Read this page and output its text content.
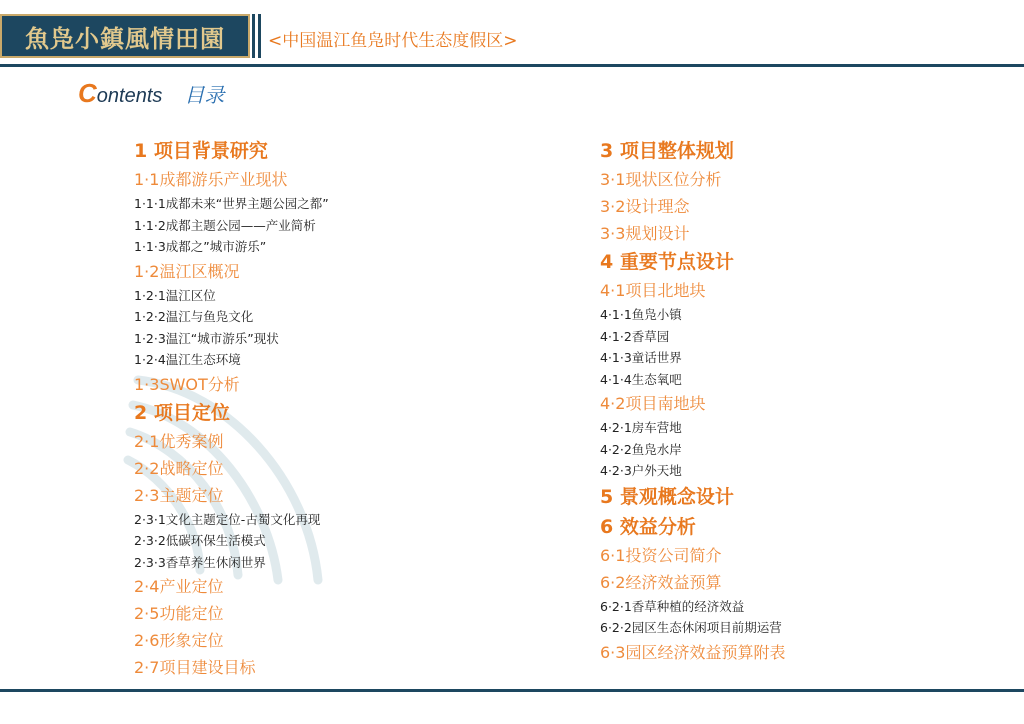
魚凫小鎮風情田園	<中国温江鱼凫时代生态度假区>
Contents 目录
1 项目背景研究
1·1成都游乐产业现状
1·1·1成都未来“世界主题公园之都”
1·1·2成都主题公园——产业简析
1·1·3成都之”城市游乐”
1·2温江区概况
1·2·1温江区位
1·2·2温江与鱼凫文化
1·2·3温江“城市游乐”现状
1·2·4温江生态环境
1·3SWOT分析
2 项目定位
2·1优秀案例
2·2战略定位
2·3主题定位
2·3·1文化主题定位-古蜀文化再现
2·3·2低碳环保生活模式
2·3·3香草养生休闲世界
2·4产业定位
2·5功能定位
2·6形象定位
2·7项目建设目标
3 项目整体规划
3·1现状区位分析
3·2设计理念
3·3规划设计
4 重要节点设计
4·1项目北地块
4·1·1鱼凫小镇
4·1·2香草园
4·1·3童话世界
4·1·4生态氧吧
4·2项目南地块
4·2·1房车营地
4·2·2鱼凫水岸
4·2·3户外天地
5 景观概念设计
6 效益分析
6·1投资公司简介
6·2经济效益预算
6·2·1香草种植的经济效益
6·2·2园区生态休闲项目前期运营
6·3园区经济效益预算附表
